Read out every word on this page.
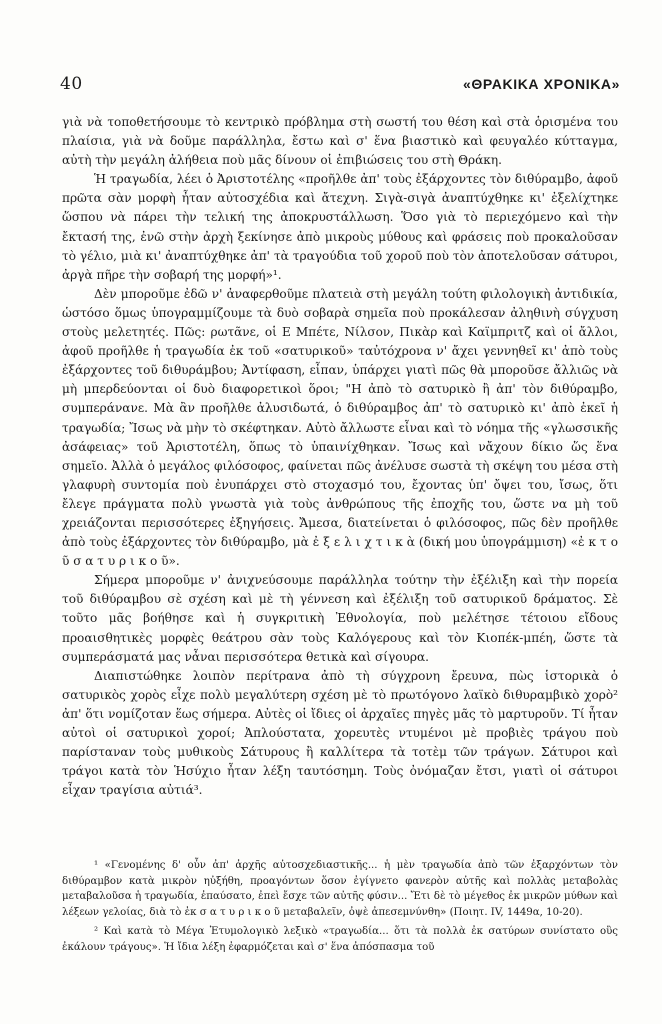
40	«ΘΡΑΚΙΚΑ ΧΡΟΝΙΚΑ»

γιὰ νὰ τοποθετήσουμε τὸ κεντρικὸ πρόβλημα στὴ σωστή του θέση καὶ στὰ ὁρισμένα του πλαίσια, γιὰ νὰ δοῦμε παράλληλα, ἔστω καὶ σ' ἕνα βιαστικὸ καὶ φευγαλέο κύτταγμα, αὐτὴ τὴν μεγάλη ἀλήθεια ποὺ μᾶς δίνουν οἱ ἐπιβιώσεις του στὴ Θράκη.

Ἡ τραγωδία, λέει ὁ Ἀριστοτέλης «προῆλθε ἀπ' τοὺς ἐξάρχοντες τὸν διθύραμβο, ἀφοῦ πρῶτα σὰν μορφὴ ἦταν αὐτοσχέδια καὶ ἄτεχνη. Σιγὰ-σιγὰ ἀναπτύχθηκε κι' ἐξελίχτηκε ὥσπου νὰ πάρει τὴν τελική της ἀποκρυστάλλωση. Ὅσο γιὰ τὸ περιεχόμενο καὶ τὴν ἔκτασή της, ἐνῶ στὴν ἀρχὴ ξεκίνησε ἀπὸ μικροὺς μύθους καὶ φράσεις ποὺ προκαλοῦσαν τὸ γέλιο, μιὰ κι' ἀναπτύχθηκε ἀπ' τὰ τραγούδια τοῦ χοροῦ ποὺ τὸν ἀποτελοῦσαν σάτυροι, ἀργὰ πῆρε τὴν σοβαρή της μορφή»¹.

Δὲν μποροῦμε ἐδῶ ν' ἀναφερθοῦμε πλατειὰ στὴ μεγάλη τούτη φιλολογικὴ ἀντιδικία, ὡστόσο ὅμως ὑπογραμμίζουμε τὰ δυὸ σοβαρὰ σημεῖα ποὺ προκάλεσαν ἀληθινὴ σύγχυση στοὺς μελετητές. Πῶς: ρωτᾶνε, οἱ Ε Μπέτε, Νίλσον, Πικὰρ καὶ Καϊμπριτζ καὶ οἱ ἄλλοι, ἀφοῦ προῆλθε ἡ τραγωδία ἐκ τοῦ «σατυρικοῦ» ταὐτόχρονα ν' ἄχει γεννηθεῖ κι' ἀπὸ τοὺς ἐξάρχοντες τοῦ διθυράμβου; Ἀντίφαση, εἶπαν, ὑπάρχει γιατὶ πῶς θὰ μποροῦσε ἄλλιῶς νὰ μὴ μπερδεύονται οἱ δυὸ διαφορετικοὶ ὅροι; "Η ἀπὸ τὸ σατυρικὸ ἢ ἀπ' τὸν διθύραμβο, συμπεράνανε. Μὰ ἂν προῆλθε ἀλυσιδωτά, ὁ διθύραμβος ἀπ' τὸ σατυρικὸ κι' ἀπὸ ἐκεῖ ἡ τραγωδία; Ἴσως νὰ μὴν τὸ σκέφτηκαν. Αὐτὸ ἄλλωστε εἶναι καὶ τὸ νόημα τῆς «γλωσσικῆς ἀσάφειας» τοῦ Ἀριστοτέλη, ὅπως τὸ ὑπαινίχθηκαν. Ἴσως καὶ νἄχουν δίκιο ὥς ἕνα σημεῖο. Ἀλλὰ ὁ μεγάλος φιλόσοφος, φαίνεται πῶς ἀνέλυσε σωστὰ τὴ σκέψη του μέσα στὴ γλαφυρὴ συντομία ποὺ ἐνυπάρχει στὸ στοχασμό του, ἔχοντας ὑπ' ὄψει του, ἴσως, ὅτι ἔλεγε πράγματα πολὺ γνωστὰ γιὰ τοὺς ἀνθρώπους τῆς ἐποχῆς του, ὥστε να μὴ τοῦ χρειάζονται περισσότερες ἐξηγήσεις. Ἄμεσα, διατείνεται ὁ φιλόσοφος, πῶς δὲν προῆλθε ἀπὸ τοὺς ἐξάρχοντες τὸν διθύραμβο, μὰ ἐ ξ ε λ ι χ τ ι κ ὰ (δική μου ὑπογράμμιση) «ἐ κ τ ο ῦ σ α τ υ ρ ι κ ο ῦ».

Σήμερα μποροῦμε ν' ἀνιχνεύσουμε παράλληλα τούτην τὴν ἐξέλιξη καὶ τὴν πορεία τοῦ διθύραμβου σὲ σχέση καὶ μὲ τὴ γέννεση καὶ ἐξέλιξη τοῦ σατυρικοῦ δράματος. Σὲ τοῦτο μᾶς βοήθησε καὶ ἡ συγκριτικὴ Ἐθνολογία, ποὺ μελέτησε τέτοιου εἴδους προαισθητικὲς μορφὲς θεάτρου σὰν τοὺς Καλόγερους καὶ τὸν Κιοπέκ-μπέη, ὥστε τὰ συμπεράσματά μας νἆναι περισσότερα θετικὰ καὶ σίγουρα.

Διαπιστώθηκε λοιπὸν περίτρανα ἀπὸ τὴ σύγχρονη ἔρευνα, πὼς ἱστορικὰ ὁ σατυρικὸς χορὸς εἶχε πολὺ μεγαλύτερη σχέση μὲ τὸ πρωτόγονο λαϊκὸ διθυραμβικὸ χορὸ² ἀπ' ὅτι νομίζοταν ἕως σήμερα. Αὐτὲς οἱ ἴδιες οἱ ἀρχαῖες πηγὲς μᾶς τὸ μαρτυροῦν. Τί ἦταν αὐτοὶ οἱ σατυρικοὶ χοροί; Ἀπλούστατα, χορευτὲς ντυμένοι μὲ προβιὲς τράγου ποὺ παρίσταναν τοὺς μυθικοὺς Σάτυρους ἢ καλλίτερα τὰ τοτὲμ τῶν τράγων. Σάτυροι καὶ τράγοι κατὰ τὸν Ἡσύχιο ἦταν λέξη ταυτόσημη. Τοὺς ὀνόμαζαν ἔτσι, γιατὶ οἱ σάτυροι εἶχαν τραγίσια αὐτιά³.

¹ «Γενομένης δ' οὖν ἀπ' ἀρχῆς αὐτοσχεδιαστικῆς... ἡ μὲν τραγωδία ἀπὸ τῶν ἐξαρχόντων τὸν διθύραμβον κατὰ μικρὸν ηὐξήθη, προαγόντων ὅσον ἐγίγνετο φανερὸν αὐτῆς καὶ πολλὰς μεταβολὰς μεταβαλοῦσα ἡ τραγωδία, ἐπαύσατο, ἐπεὶ ἔσχε τῶν αὐτῆς φύσιν... Ἔτι δὲ τὸ μέγεθος ἐκ μικρῶν μύθων καὶ λέξεων γελοίας, διὰ τὸ ἐκ σ α τ υ ρ ι κ ο ῦ μεταβαλεῖν, ὀψὲ ἀπεσεμνύνθη» (Ποιητ. IV, 1449α, 10-20).

² Καὶ κατὰ τὸ Μέγα Ἐτυμολογικὸ λεξικὸ «τραγωδία... ὅτι τὰ πολλὰ ἐκ σατύρων συνίστατο οὓς ἐκάλουν τράγους». Ἡ ἴδια λέξη ἐφαρμόζεται καὶ σ' ἕνα ἀπόσπασμα τοῦ
